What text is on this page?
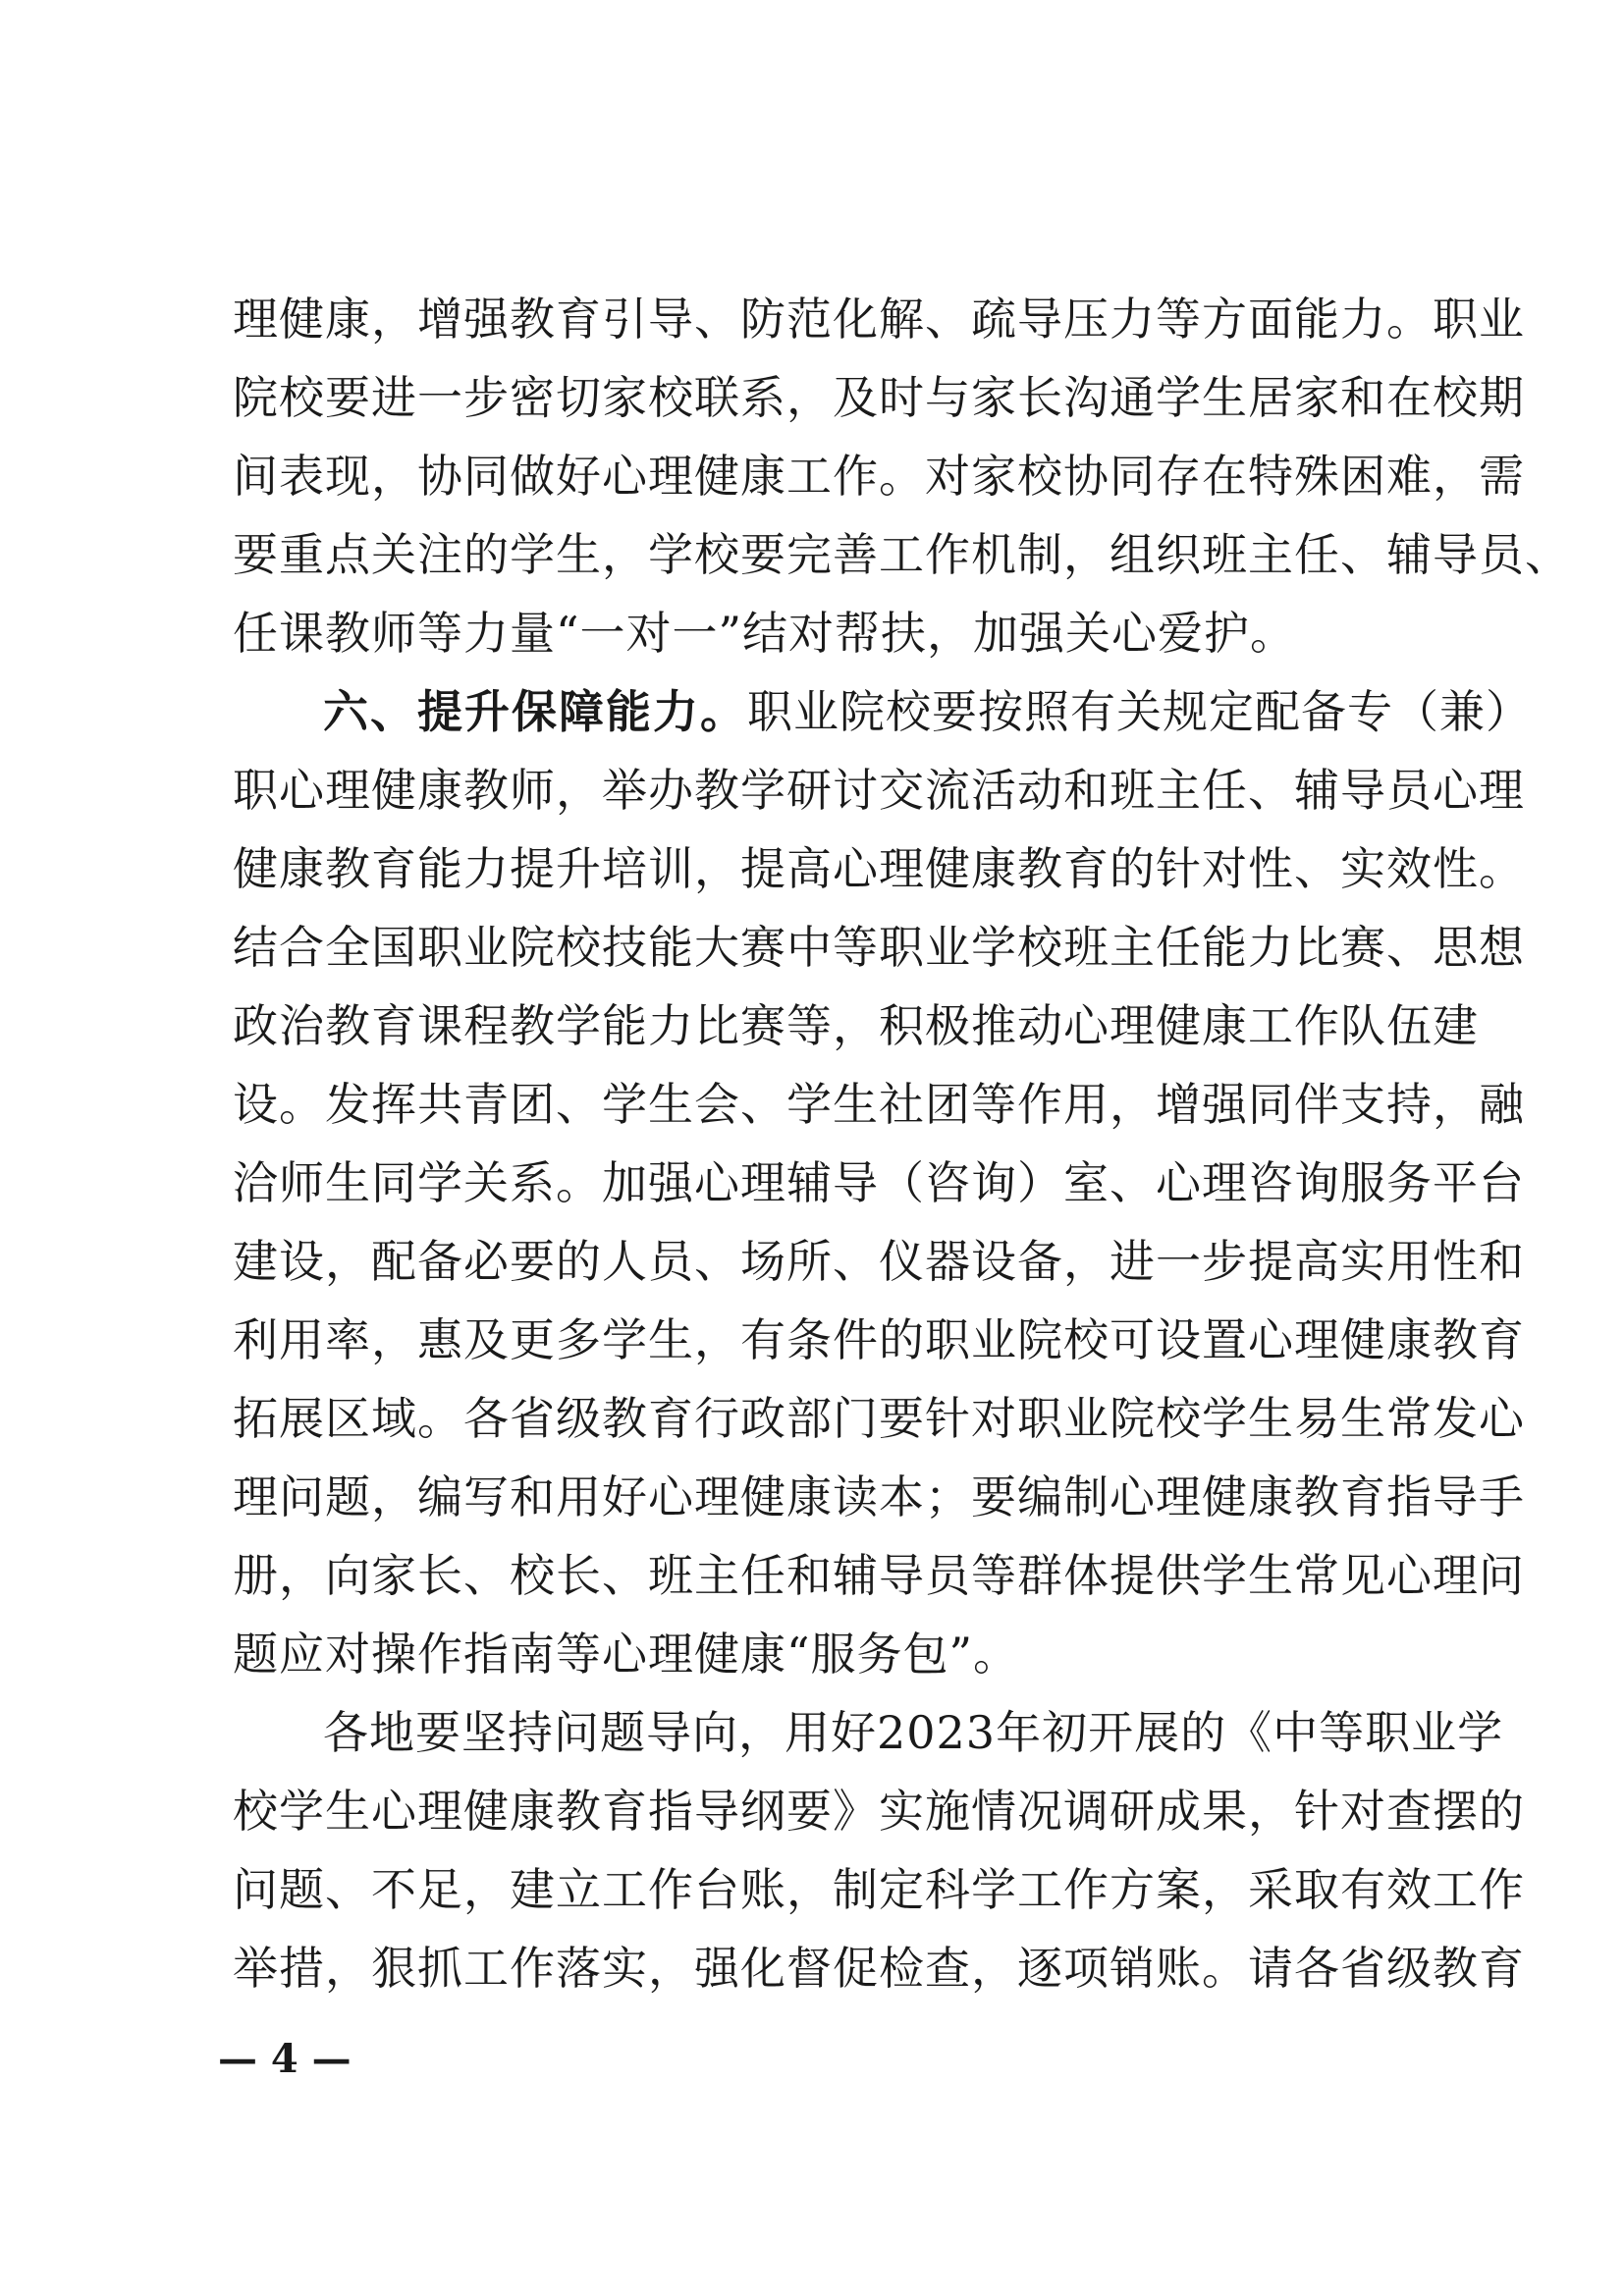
理健康，增强教育引导、防范化解、疏导压力等方面能力。职业
院校要进一步密切家校联系，及时与家长沟通学生居家和在校期
间表现，协同做好心理健康工作。对家校协同存在特殊困难，需
要重点关注的学生，学校要完善工作机制，组织班主任、辅导员、
任课教师等力量“一对一”结对帮扶，加强关心爱护。
六、提升保障能力。职业院校要按照有关规定配备专（兼）
职心理健康教师，举办教学研讨交流活动和班主任、辅导员心理
健康教育能力提升培训，提高心理健康教育的针对性、实效性。
结合全国职业院校技能大赛中等职业学校班主任能力比赛、思想
政治教育课程教学能力比赛等，积极推动心理健康工作队伍建
设。发挥共青团、学生会、学生社团等作用，增强同伴支持，融
洽师生同学关系。加强心理辅导（咨询）室、心理咨询服务平台
建设，配备必要的人员、场所、仪器设备，进一步提高实用性和
利用率，惠及更多学生，有条件的职业院校可设置心理健康教育
拓展区域。各省级教育行政部门要针对职业院校学生易生常发心
理问题，编写和用好心理健康读本；要编制心理健康教育指导手
册，向家长、校长、班主任和辅导员等群体提供学生常见心理问
题应对操作指南等心理健康“服务包”。
各地要坚持问题导向，用好2023年初开展的《中等职业学
校学生心理健康教育指导纲要》实施情况调研成果，针对查摆的
问题、不足，建立工作台账，制定科学工作方案，采取有效工作
举措，狠抓工作落实，强化督促检查，逐项销账。请各省级教育
— 4 —
